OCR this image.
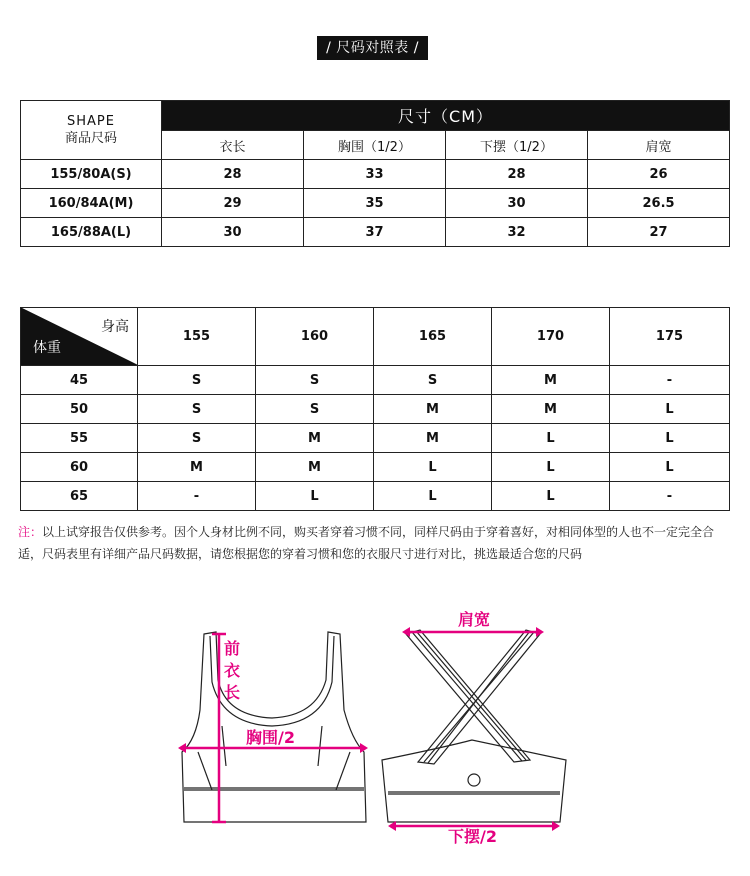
/ 尺码对照表 /
SHAPE
商品尺码	尺寸（CM）			
	衣长	胸围（1/2）	下摆（1/2）	肩宽
155/80A(S)	28	33	28	26
160/84A(M)	29	35	30	26.5
165/88A(L)	30	37	32	27
身高
体重	155	160	165	170	175
45	S	S	S	M	-
50	S	S	M	M	L
55	S	M	M	L	L
60	M	M	L	L	L
65	-	L	L	L	-
注：以上试穿报告仅供参考。因个人身材比例不同，购买者穿着习惯不同，同样尺码由于穿着喜好，对相同体型的人也不一定完全合适，尺码表里有详细产品尺码数据，请您根据您的穿着习惯和您的衣服尺寸进行对比，挑选最适合您的尺码
前
衣
长
胸围/2
肩宽
下摆/2
